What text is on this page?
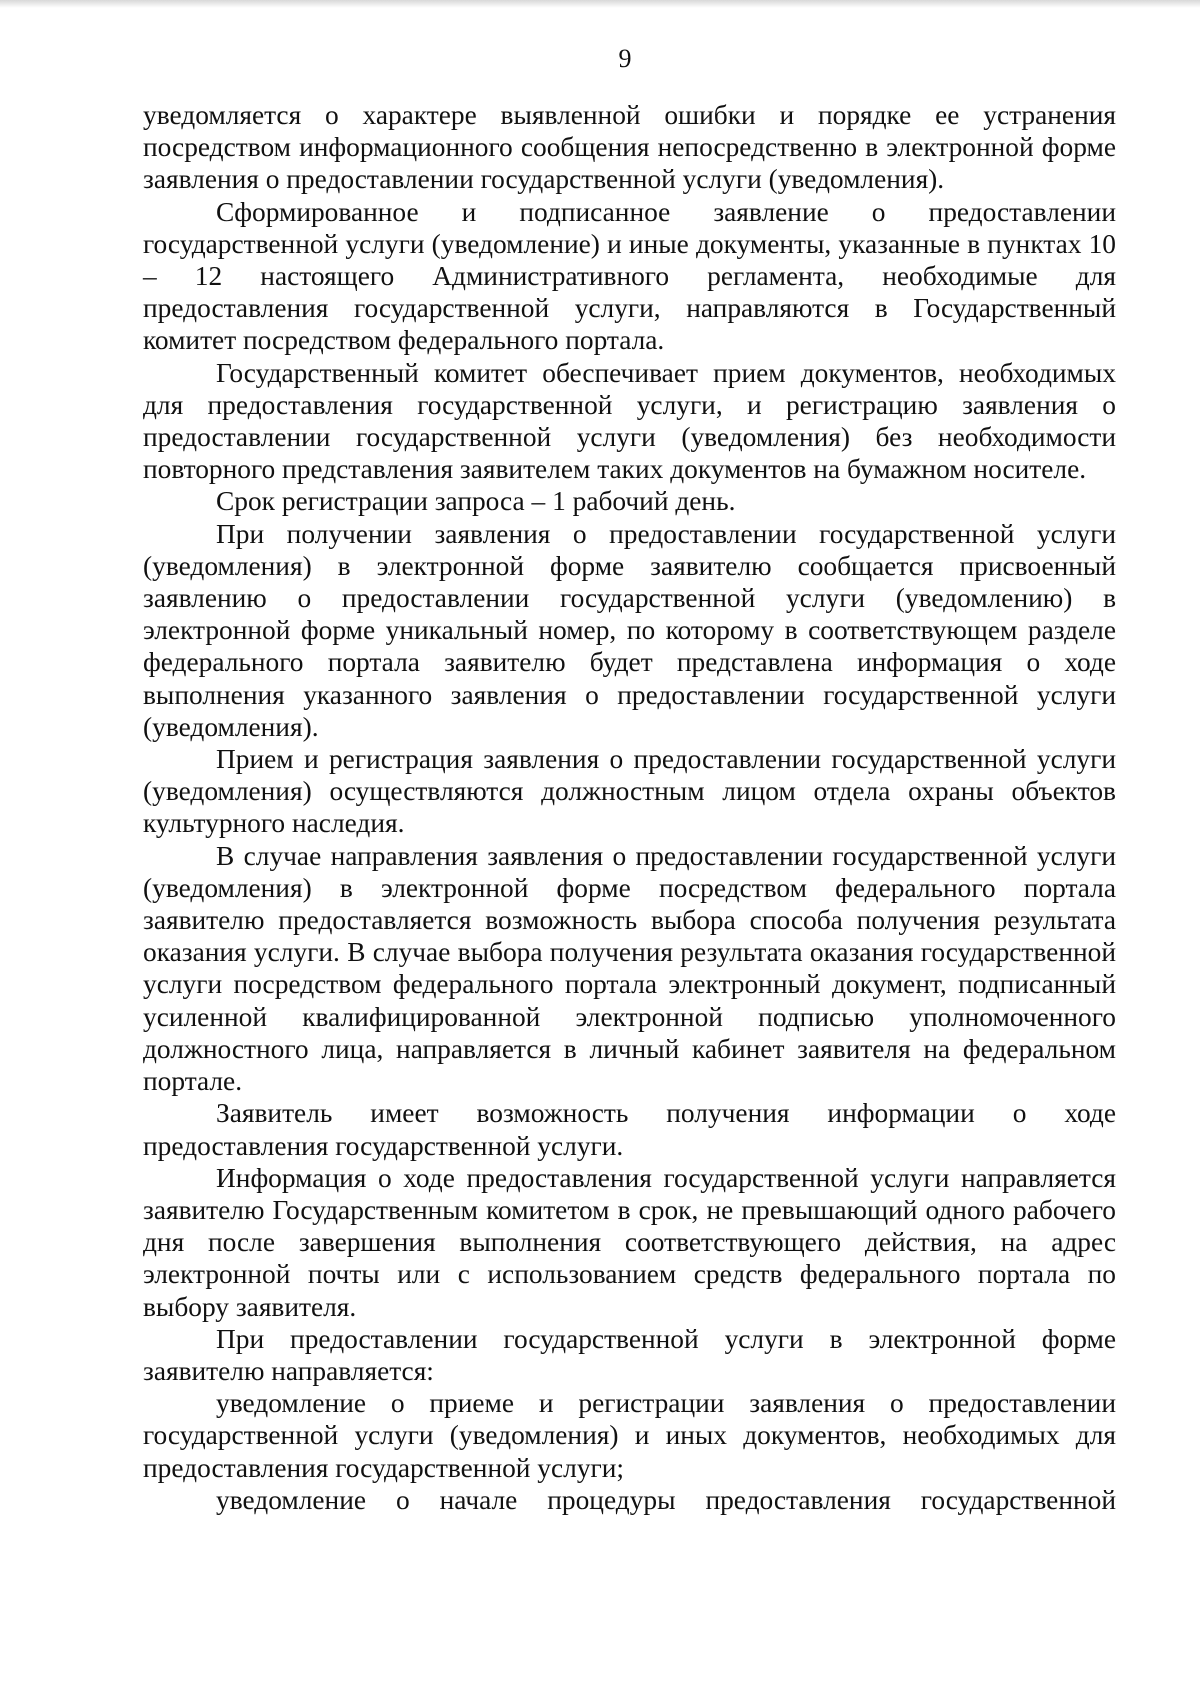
9

уведомляется о характере выявленной ошибки и порядке ее устранения посредством информационного сообщения непосредственно в электронной форме заявления о предоставлении государственной услуги (уведомления).

Сформированное и подписанное заявление о предоставлении государственной услуги (уведомление) и иные документы, указанные в пунктах 10 – 12 настоящего Административного регламента, необходимые для предоставления государственной услуги, направляются в Государственный комитет посредством федерального портала.

Государственный комитет обеспечивает прием документов, необходимых для предоставления государственной услуги, и регистрацию заявления о предоставлении государственной услуги (уведомления) без необходимости повторного представления заявителем таких документов на бумажном носителе.

Срок регистрации запроса – 1 рабочий день.

При получении заявления о предоставлении государственной услуги (уведомления) в электронной форме заявителю сообщается присвоенный заявлению о предоставлении государственной услуги (уведомлению) в электронной форме уникальный номер, по которому в соответствующем разделе федерального портала заявителю будет представлена информация о ходе выполнения указанного заявления о предоставлении государственной услуги (уведомления).

Прием и регистрация заявления о предоставлении государственной услуги (уведомления) осуществляются должностным лицом отдела охраны объектов культурного наследия.

В случае направления заявления о предоставлении государственной услуги (уведомления) в электронной форме посредством федерального портала заявителю предоставляется возможность выбора способа получения результата оказания услуги. В случае выбора получения результата оказания государственной услуги посредством федерального портала электронный документ, подписанный усиленной квалифицированной электронной подписью уполномоченного должностного лица, направляется в личный кабинет заявителя на федеральном портале.

Заявитель имеет возможность получения информации о ходе предоставления государственной услуги.

Информация о ходе предоставления государственной услуги направляется заявителю Государственным комитетом в срок, не превышающий одного рабочего дня после завершения выполнения соответствующего действия, на адрес электронной почты или с использованием средств федерального портала по выбору заявителя.

При предоставлении государственной услуги в электронной форме заявителю направляется:

уведомление о приеме и регистрации заявления о предоставлении государственной услуги (уведомления) и иных документов, необходимых для предоставления государственной услуги;

уведомление о начале процедуры предоставления государственной
